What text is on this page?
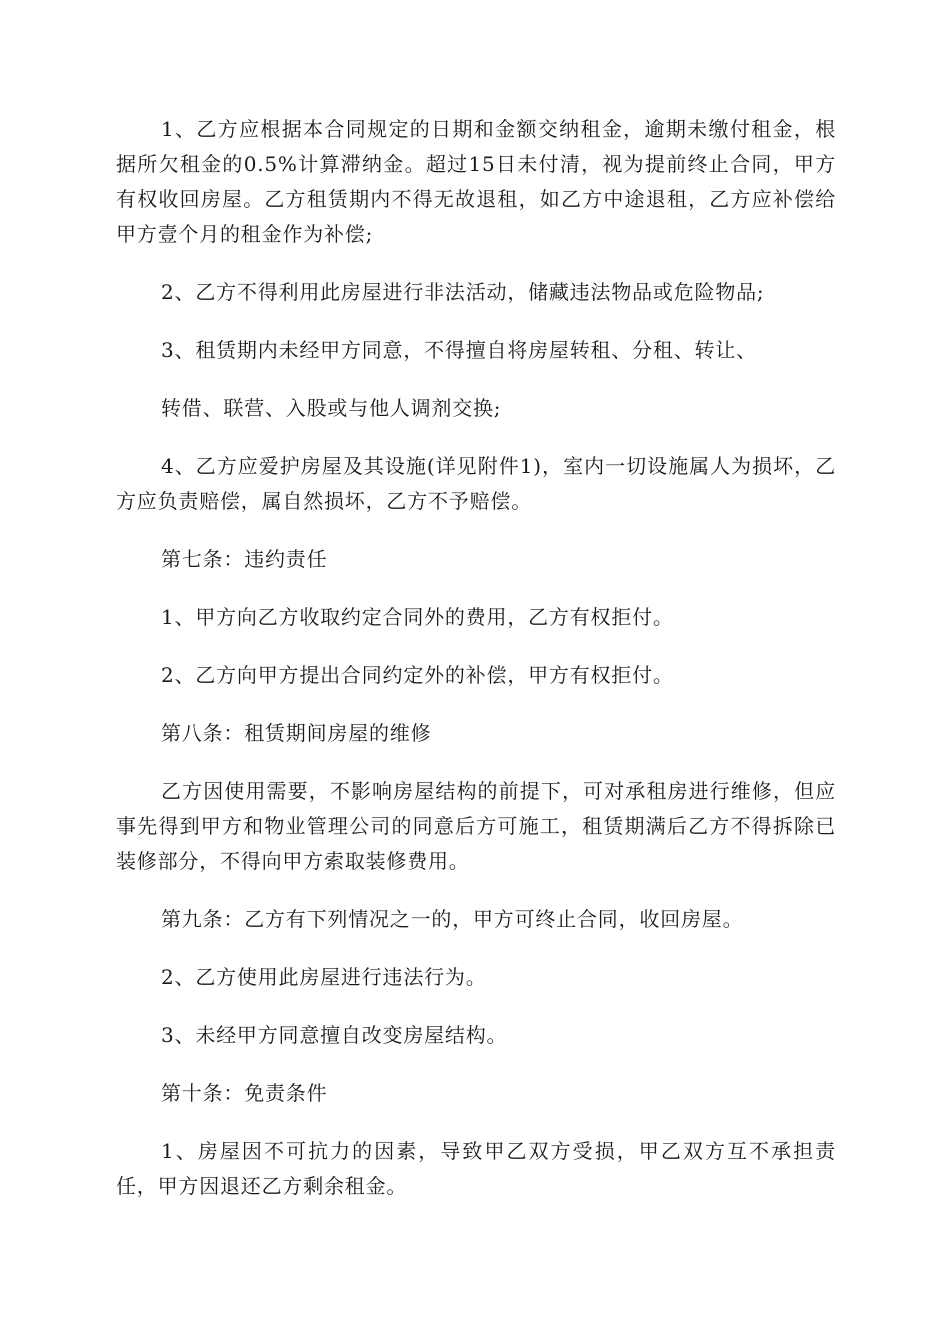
1、乙方应根据本合同规定的日期和金额交纳租金，逾期未缴付租金，根据所欠租金的0.5%计算滞纳金。超过15日未付清，视为提前终止合同，甲方有权收回房屋。乙方租赁期内不得无故退租，如乙方中途退租，乙方应补偿给甲方壹个月的租金作为补偿;

2、乙方不得利用此房屋进行非法活动，储藏违法物品或危险物品;

3、租赁期内未经甲方同意，不得擅自将房屋转租、分租、转让、

转借、联营、入股或与他人调剂交换;

4、乙方应爱护房屋及其设施(详见附件1)，室内一切设施属人为损坏，乙方应负责赔偿，属自然损坏，乙方不予赔偿。

第七条：违约责任

1、甲方向乙方收取约定合同外的费用，乙方有权拒付。

2、乙方向甲方提出合同约定外的补偿，甲方有权拒付。

第八条：租赁期间房屋的维修

乙方因使用需要，不影响房屋结构的前提下，可对承租房进行维修，但应事先得到甲方和物业管理公司的同意后方可施工，租赁期满后乙方不得拆除已装修部分，不得向甲方索取装修费用。

第九条：乙方有下列情况之一的，甲方可终止合同，收回房屋。

2、乙方使用此房屋进行违法行为。

3、未经甲方同意擅自改变房屋结构。

第十条：免责条件

1、房屋因不可抗力的因素，导致甲乙双方受损，甲乙双方互不承担责任，甲方因退还乙方剩余租金。
